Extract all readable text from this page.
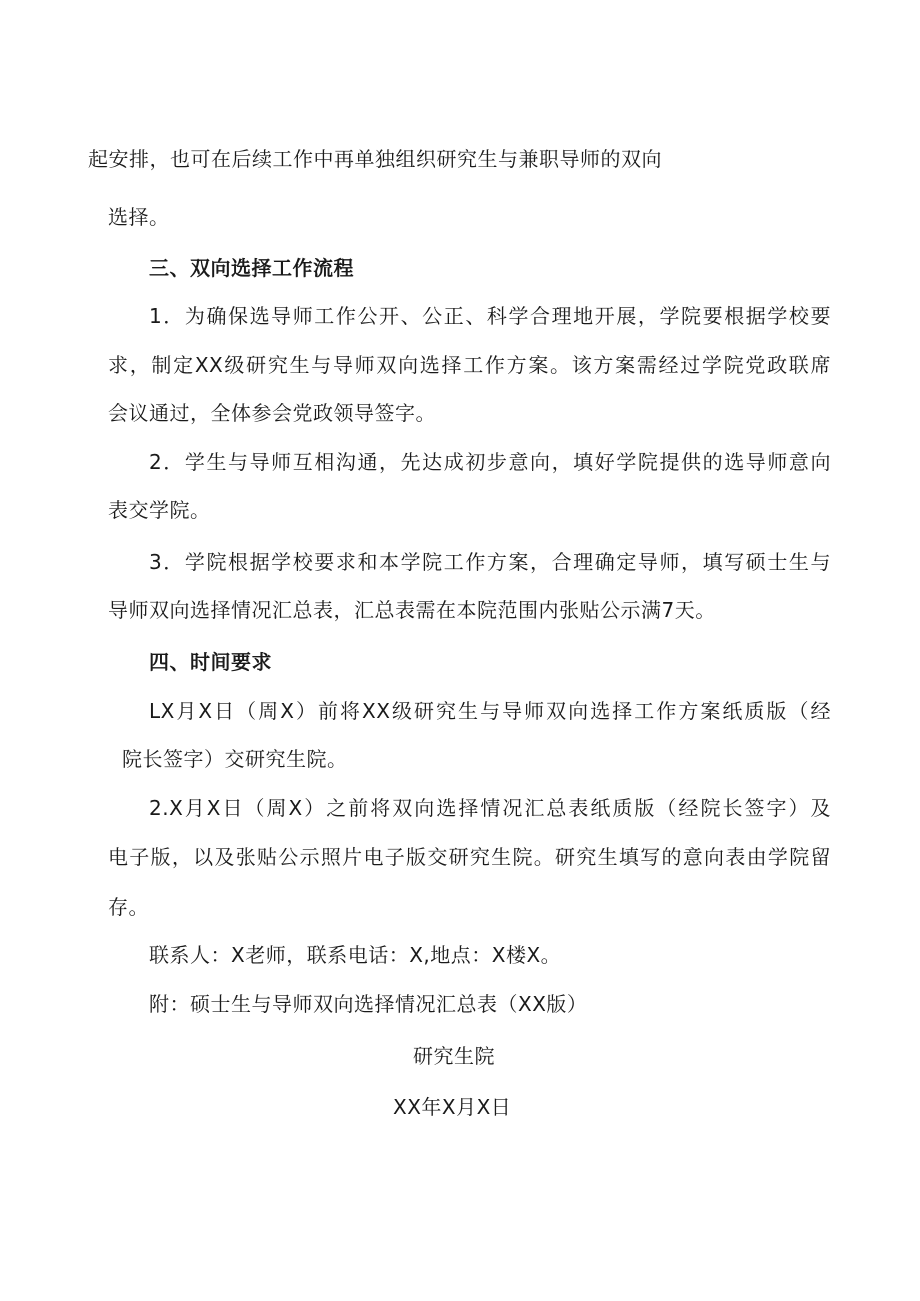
起安排，也可在后续工作中再单独组织研究生与兼职导师的双向
选择。
三、双向选择工作流程
1．为确保选导师工作公开、公正、科学合理地开展，学院要根据学校要
求，制定XX级研究生与导师双向选择工作方案。该方案需经过学院党政联席
会议通过，全体参会党政领导签字。
2．学生与导师互相沟通，先达成初步意向，填好学院提供的选导师意向
表交学院。
3．学院根据学校要求和本学院工作方案，合理确定导师，填写硕士生与
导师双向选择情况汇总表，汇总表需在本院范围内张贴公示满7天。
四、时间要求
LX月X日（周X）前将XX级研究生与导师双向选择工作方案纸质版（经
院长签字）交研究生院。
2.X月X日（周X）之前将双向选择情况汇总表纸质版（经院长签字）及
电子版，以及张贴公示照片电子版交研究生院。研究生填写的意向表由学院留
存。
联系人：X老师，联系电话：X,地点：X楼X。
附：硕士生与导师双向选择情况汇总表（XX版）
研究生院
XX年X月X日
